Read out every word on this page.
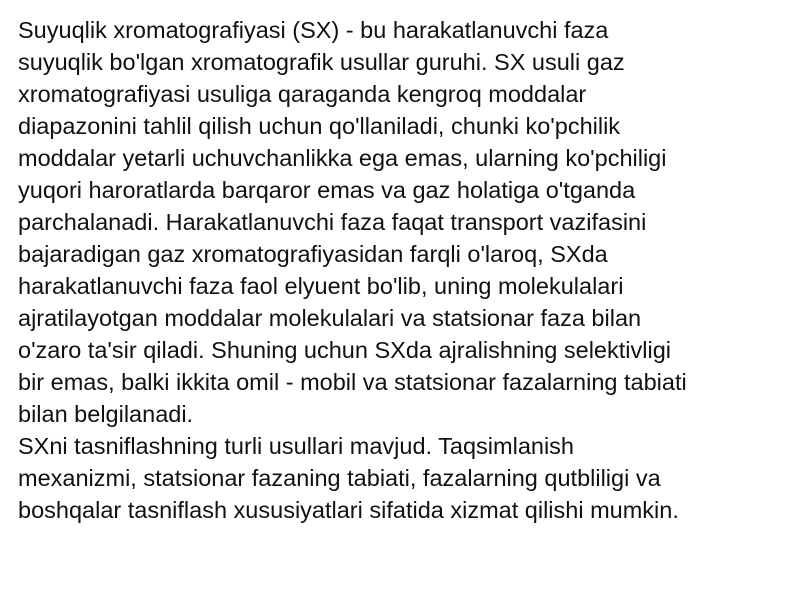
Suyuqlik xromatografiyasi (SX) - bu harakatlanuvchi faza
suyuqlik bo'lgan xromatografik usullar guruhi. SX usuli gaz
xromatografiyasi usuliga qaraganda kengroq moddalar
diapazonini tahlil qilish uchun qo'llaniladi, chunki ko'pchilik
moddalar yetarli uchuvchanlikka ega emas, ularning ko'pchiligi
yuqori haroratlarda barqaror emas va gaz holatiga o'tganda
parchalanadi. Harakatlanuvchi faza faqat transport vazifasini
bajaradigan gaz xromatografiyasidan farqli o'laroq, SXda
harakatlanuvchi faza faol elyuent bo'lib, uning molekulalari
ajratilayotgan moddalar molekulalari va statsionar faza bilan
o'zaro ta'sir qiladi. Shuning uchun SXda ajralishning selektivligi
bir emas, balki ikkita omil - mobil va statsionar fazalarning tabiati
bilan belgilanadi.
SXni tasniflashning turli usullari mavjud. Taqsimlanish
mexanizmi, statsionar fazaning tabiati, fazalarning qutbliligi va
boshqalar tasniflash xususiyatlari sifatida xizmat qilishi mumkin.
